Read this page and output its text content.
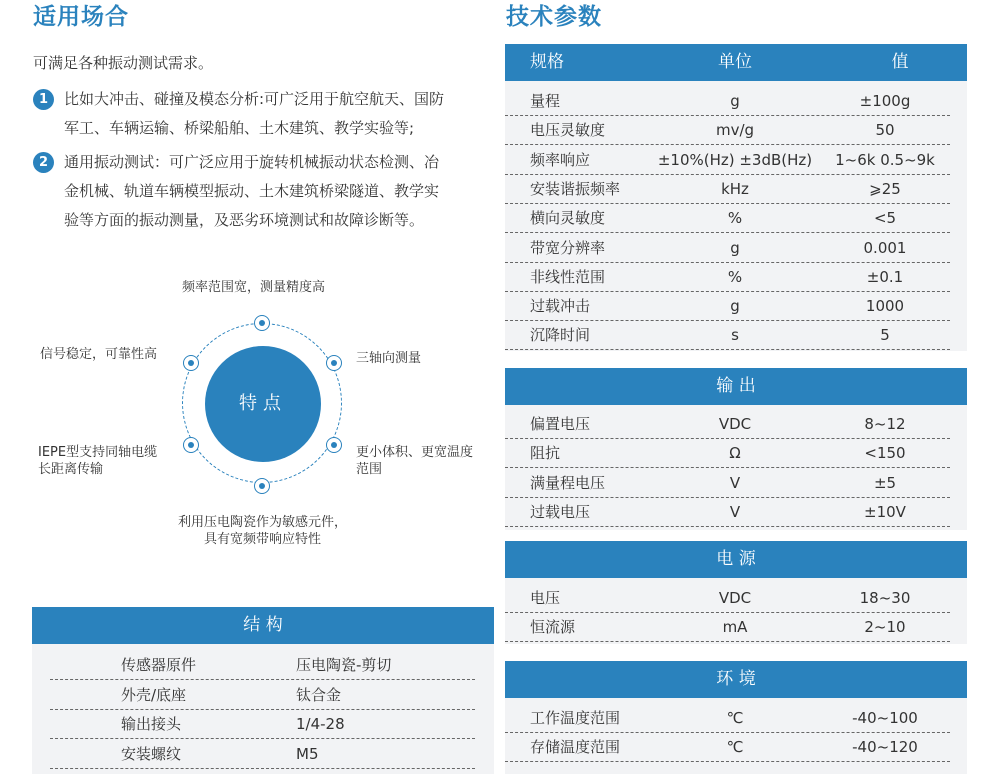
适用场合
可满足各种振动测试需求。
1	比如大冲击、碰撞及模态分析:可广泛用于航空航天、国防
军工、车辆运输、桥梁船舶、土木建筑、教学实验等;
2	通用振动测试：可广泛应用于旋转机械振动状态检测、冶
金机械、轨道车辆模型振动、土木建筑桥梁隧道、教学实
验等方面的振动测量，及恶劣环境测试和故障诊断等。
特点
频率范围宽，测量精度高
信号稳定，可靠性高	三轴向测量
IEPE型支持同轴电缆
长距离传输
更小体积、更宽温度
范围
利用压电陶瓷作为敏感元件，
具有宽频带响应特性
结 构
传感器原件	压电陶瓷-剪切
外壳/底座	钛合金
输出接头	1/4-28
安装螺纹	M5
技术参数
规格	单位	值
输 出
电 源
环 境
量程	g	±100g
电压灵敏度	mv/g	50
频率响应	±10%(Hz) ±3dB(Hz)	1~6k 0.5~9k
安装谐振频率	kHz	⩾25
横向灵敏度	%	<5
带宽分辨率	g	0.001
非线性范围	%	±0.1
过载冲击	g	1000
沉降时间	s	5
偏置电压	VDC	8~12
阻抗	Ω	<150
满量程电压	V	±5
过载电压	V	±10V
电压	VDC	18~30
恒流源	mA	2~10
工作温度范围	℃	-40~100
存储温度范围	℃	-40~120
